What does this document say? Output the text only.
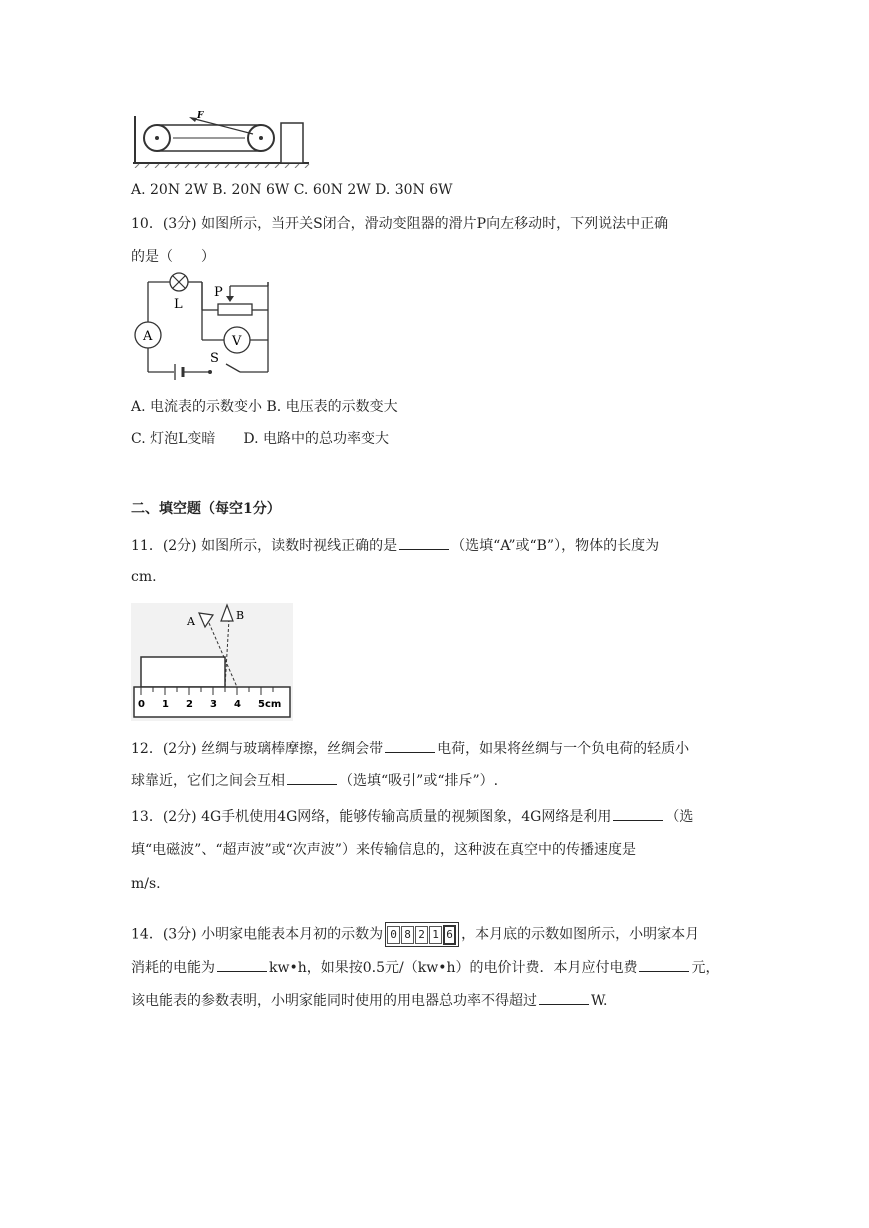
F
A. 20N 2W B. 20N 6W C. 60N 2W D. 30N 6W
10．(3分) 如图所示，当开关S闭合，滑动变阻器的滑片P向左移动时，下列说法中正确
的是（　　）
A	V
P
L
S
A. 电流表的示数变小 B. 电压表的示数变大
C. 灯泡L变暗　　D. 电路中的总功率变大
二、填空题（每空1分）
11．(2分) 如图所示，读数时视线正确的是	（选填“A”或“B”），物体的长度为
cm.
0 1 2 3 4 5cm
A	B
12．(2分) 丝绸与玻璃棒摩擦，丝绸会带	电荷，如果将丝绸与一个负电荷的轻质小
球靠近，它们之间会互相	（选填“吸引”或“排斥”）.
13．(2分) 4G手机使用4G网络，能够传输高质量的视频图象，4G网络是利用	（选
填“电磁波”、“超声波”或“次声波”）来传输信息的，这种波在真空中的传播速度是
m/s.
14．(3分) 小明家电能表本月初的示数为 0 8 2 1 6 ，本月底的示数如图所示，小明家本月
消耗的电能为	kw•h，如果按0.5元/（kw•h）的电价计费．本月应付电费	元，
该电能表的参数表明，小明家能同时使用的用电器总功率不得超过	W.
